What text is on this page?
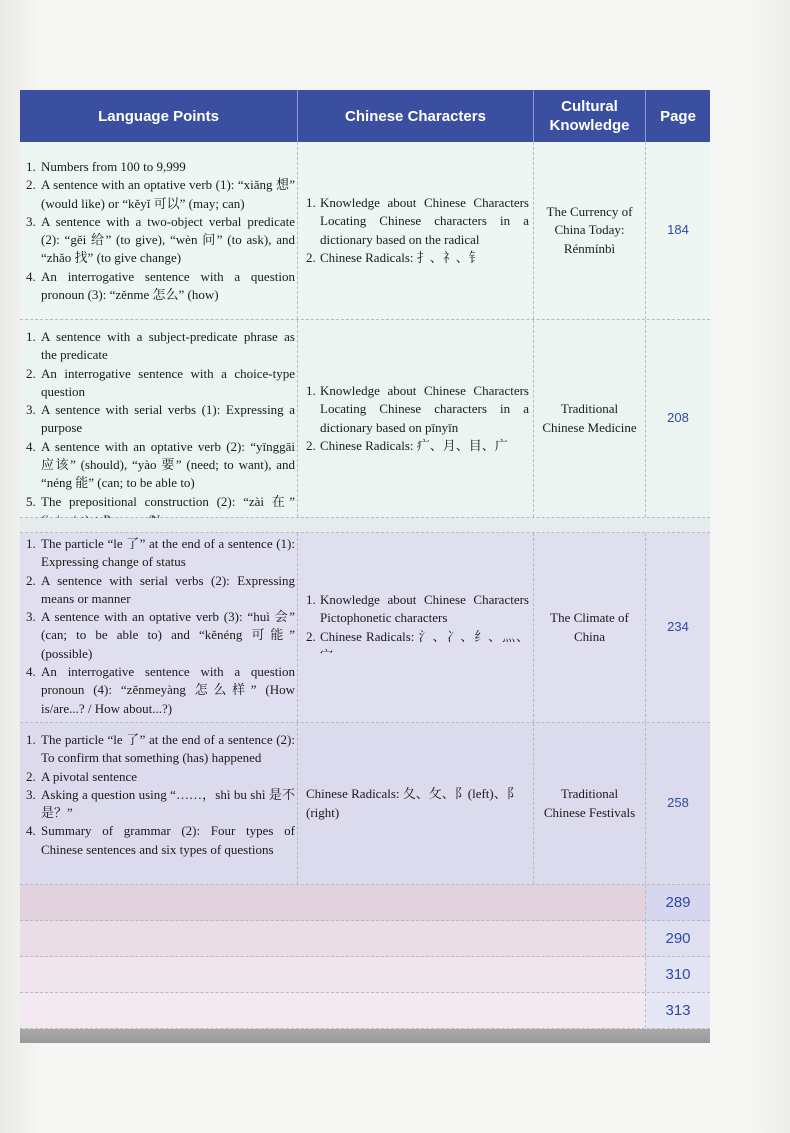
Language Points	Chinese Characters
Cultural Knowledge
Page
1. Numbers from 100 to 9,999
2. A sentence with an optative verb (1): “xiǎng 想” (would like) or “kěyǐ 可以” (may; can)
3. A sentence with a two-object verbal predicate (2): “gěi 给” (to give), “wèn 问” (to ask), and “zhǎo 找” (to give change)
4. An interrogative sentence with a question pronoun (3): “zěnme 怎么” (how)
1. Knowledge about Chinese Characters Locating Chinese characters in a dictionary based on the radical
2. Chinese Radicals: 扌、礻、钅
The Currency of China Today: Rénmínbì
184
1. A sentence with a subject-predicate phrase as the predicate
2. An interrogative sentence with a choice-type question
3. A sentence with serial verbs (1): Expressing a purpose
4. A sentence with an optative verb (2): “yīnggāi 应该” (should), “yào 要” (need; to want), and “néng 能” (can; to be able to)
5. The prepositional construction (2): “zài 在”
1. Knowledge about Chinese Characters Locating Chinese characters in a dictionary based on pīnyīn
2. Chinese Radicals: 疒、月、目、广
Traditional Chinese Medicine
208
1. The particle “le 了” at the end of a sentence (1): Expressing change of status
2. A sentence with serial verbs (2): Expressing means or manner
3. A sentence with an optative verb (3): “huì 会” (can; to be able to) and “kěnéng 可能” (possible)
4. An interrogative sentence with a question pronoun (4): “zěnmeyàng 怎么样” (How is/are...? / How about...?)
1. Knowledge about Chinese Characters Pictophonetic characters
2. Chinese Radicals: 氵、冫、纟、灬、宀
The Climate of China
234
1. The particle “le 了” at the end of a sentence (2): To confirm that something (has) happened
2. A pivotal sentence
3. Asking a question using “……，shì bu shì 是不是？”
4. Summary of grammar (2): Four types of Chinese sentences and six types of questions
Chinese Radicals: 夂、攵、阝(left)、阝(right)
Traditional Chinese Festivals
258
289
290
310
313
